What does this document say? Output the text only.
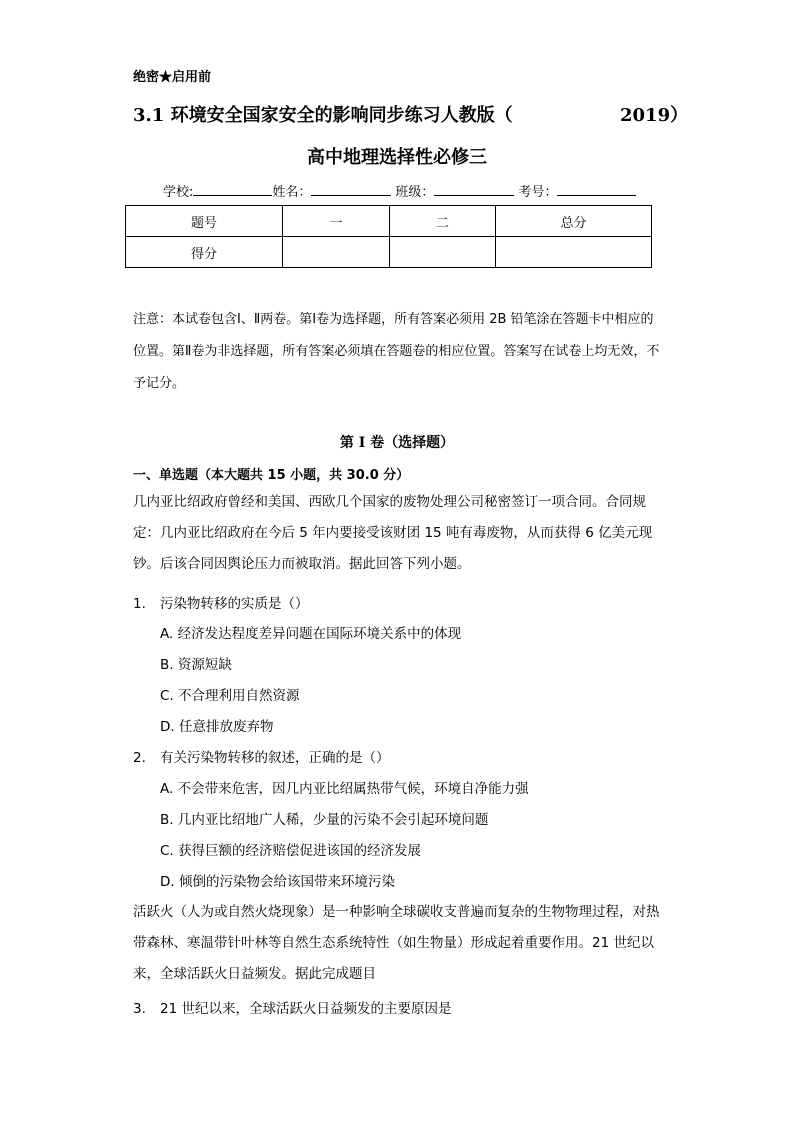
绝密★启用前
3.1 环境安全国家安全的影响同步练习人教版（	2019）
高中地理选择性必修三
学校:	姓名：	班级：	考号：
题号	一	二	总分
得分			
注意：本试卷包含Ⅰ、Ⅱ两卷。第Ⅰ卷为选择题，所有答案必须用 2B 铅笔涂在答题卡中相应的位置。第Ⅱ卷为非选择题，所有答案必须填在答题卷的相应位置。答案写在试卷上均无效，不予记分。
第 I 卷（选择题）
一、单选题（本大题共 15 小题，共 30.0 分）
几内亚比绍政府曾经和美国、西欧几个国家的废物处理公司秘密签订一项合同。合同规定：几内亚比绍政府在今后 5 年内要接受该财团 15 吨有毒废物，从而获得 6 亿美元现钞。后该合同因舆论压力而被取消。据此回答下列小题。
1. 污染物转移的实质是（）
A. 经济发达程度差异问题在国际环境关系中的体现
B. 资源短缺
C. 不合理利用自然资源
D. 任意排放废弃物
2. 有关污染物转移的叙述，正确的是（）
A. 不会带来危害，因几内亚比绍属热带气候，环境自净能力强
B. 几内亚比绍地广人稀，少量的污染不会引起环境问题
C. 获得巨额的经济赔偿促进该国的经济发展
D. 倾倒的污染物会给该国带来环境污染
活跃火（人为或自然火烧现象）是一种影响全球碳收支普遍而复杂的生物物理过程，对热带森林、寒温带针叶林等自然生态系统特性（如生物量）形成起着重要作用。21 世纪以来，全球活跃火日益频发。据此完成题目
3. 21 世纪以来，全球活跃火日益频发的主要原因是
